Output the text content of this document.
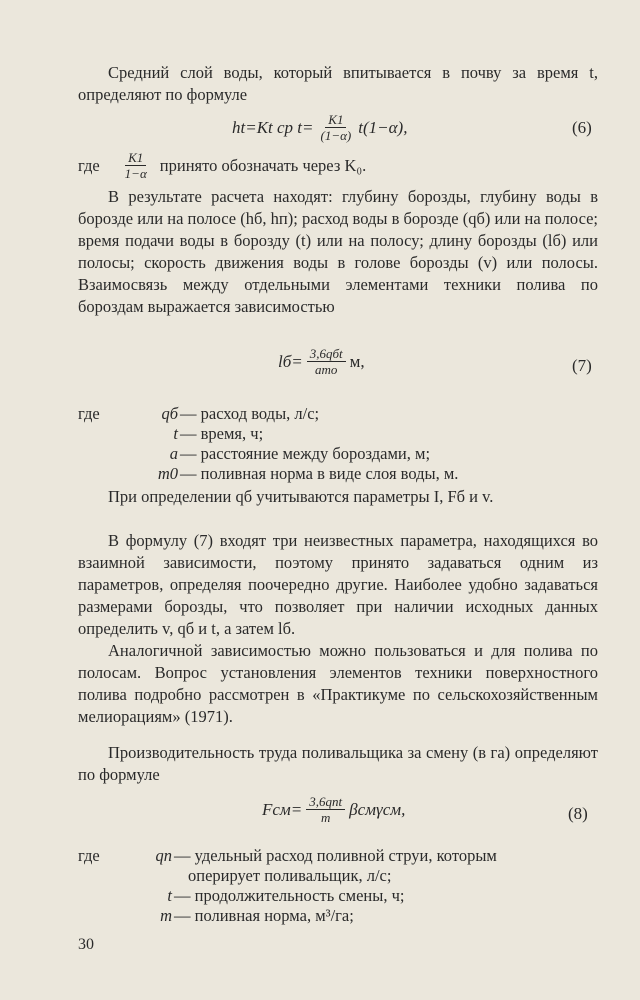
Средний слой воды, который впитывается в почву за время t, определяют по формуле

ht=Kt ср $t= \frac{K1}{(1-\alpha)} t(1-\alpha)$,	(6)
где $\frac{K1}{1-\alpha}$ принято обозначать через K₀.

В результате расчета находят: глубину борозды, глубину воды в борозде или на полосе (hб, hп); расход воды в борозде (qб) или на полосе; время подачи воды в борозду (t) или на полосу; длину борозды (lб) или полосы; скорость движения воды в голове борозды (v) или полосы. Взаимосвязь между отдельными элементами техники полива по бороздам выражается зависимостью

$lб= \frac{\text{3,6qбt}}{\text{amо}} м$,	(7)
где	qб — расход воды, л/с;
t — время, ч;
a — расстояние между бороздами, м;
m0 — поливная норма в виде слоя воды, м.

При определении qб учитываются параметры I, Fб и v.

В формулу (7) входят три неизвестных параметра, находящихся во взаимной зависимости, поэтому принято задаваться одним из параметров, определяя поочередно другие. Наиболее удобно задаваться размерами борозды, что позволяет при наличии исходных данных определить v, qб и t, а затем lб.

Аналогичной зависимостью можно пользоваться и для полива по полосам. Вопрос установления элементов техники поверхностного полива подробно рассмотрен в «Практикуме по сельскохозяйственным мелиорациям» (1971).

Производительность труда поливальщика за смену (в га) определяют по формуле

$Fсм= \frac{\text{3,6qпt}}{m} \beta см\gamma см$,	(8)
где	qп — удельный расход поливной струи, которым
оперирует поливальщик, л/с;
t — продолжительность смены, ч;
m — поливная норма, м³/га;
30
